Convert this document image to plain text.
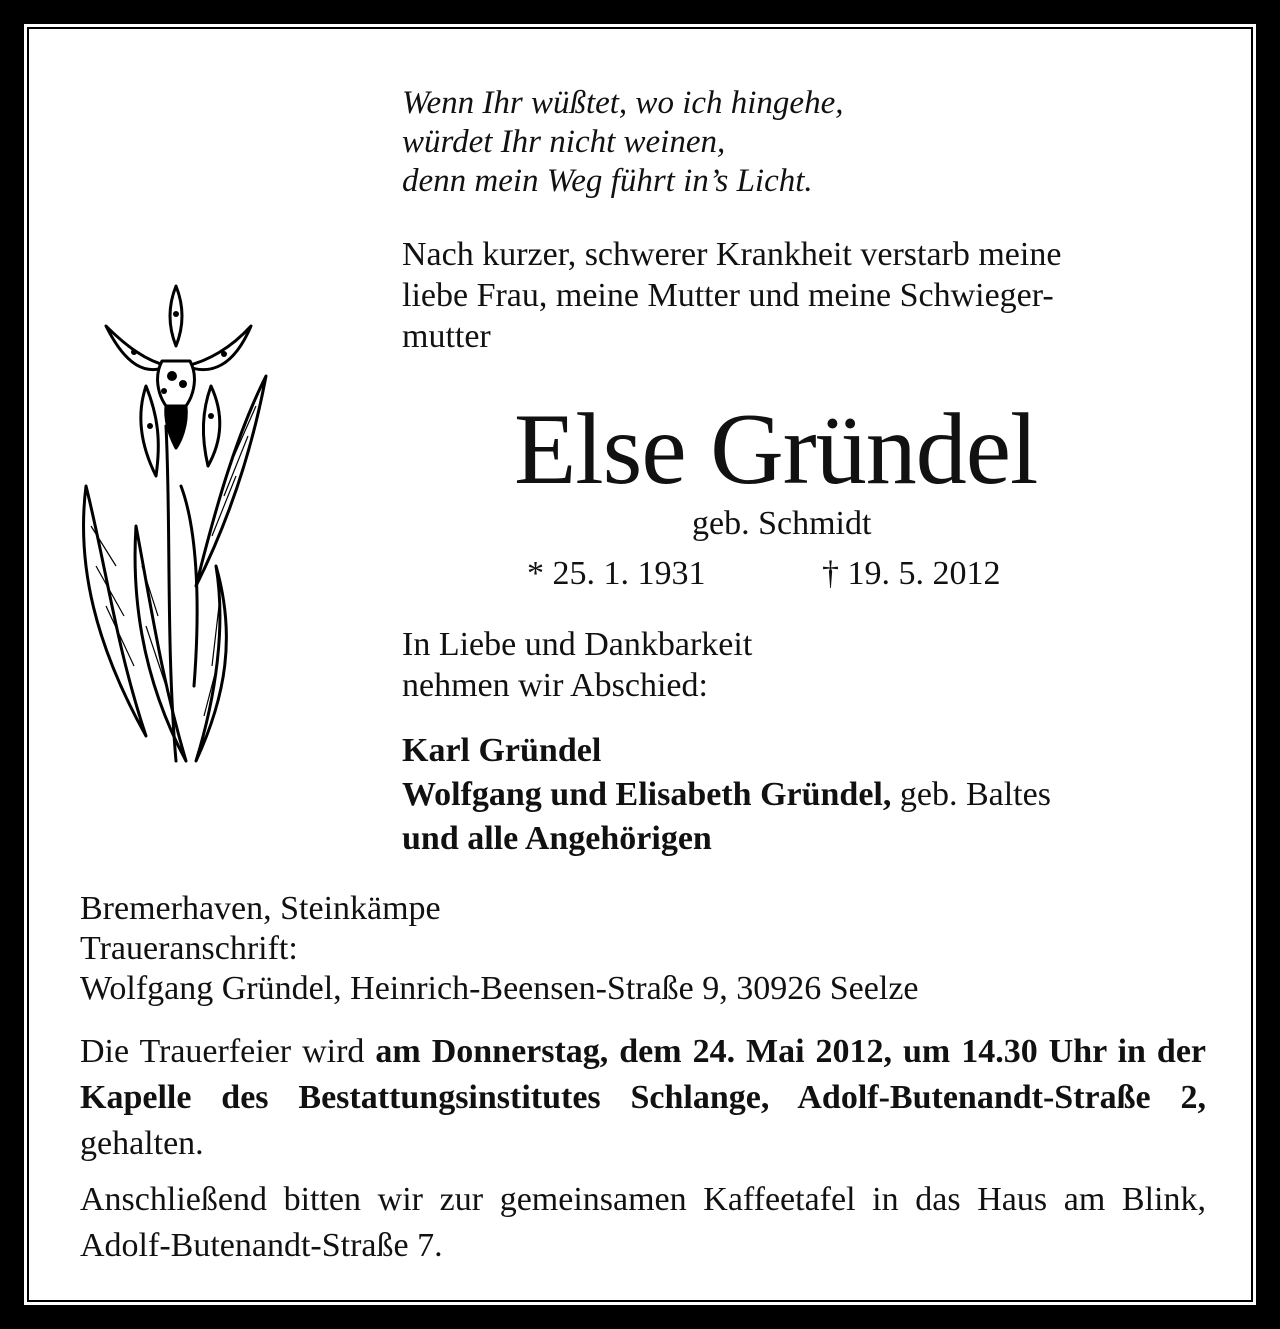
Wenn Ihr wüßtet, wo ich hingehe,
würdet Ihr nicht weinen,
denn mein Weg führt in’s Licht.
Nach kurzer, schwerer Krankheit verstarb meine
liebe Frau, meine Mutter und meine Schwieger-
mutter
Else Gründel
geb. Schmidt
* 25. 1. 1931	† 19. 5. 2012
In Liebe und Dankbarkeit
nehmen wir Abschied:
Karl Gründel
Wolfgang und Elisabeth Gründel, geb. Baltes
und alle Angehörigen
Bremerhaven, Steinkämpe
Traueranschrift:
Wolfgang Gründel, Heinrich-Beensen-Straße 9, 30926 Seelze
Die Trauerfeier wird am Donnerstag, dem 24. Mai 2012, um 14.30 Uhr in der Kapelle des Bestattungsinstitutes Schlange, Adolf-Butenandt-Straße 2, gehalten.
Anschließend bitten wir zur gemeinsamen Kaffeetafel in das Haus am Blink, Adolf-Butenandt-Straße 7.
